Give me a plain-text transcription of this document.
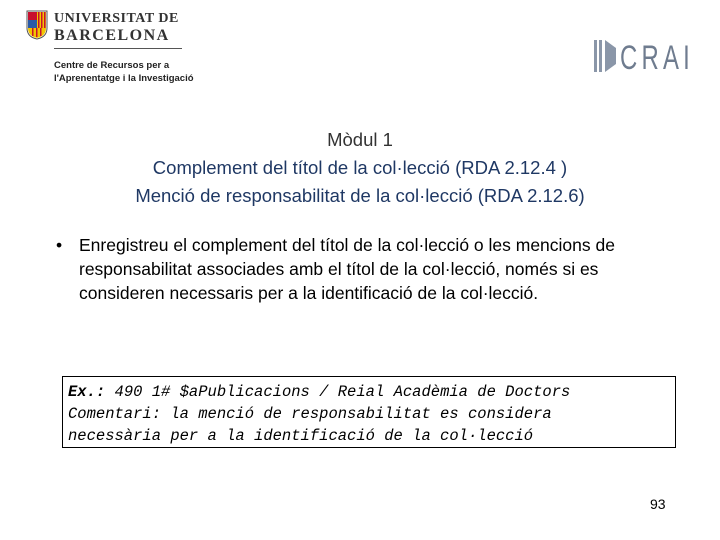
UNIVERSITAT DE
BARCELONA
Centre de Recursos per a
l'Aprenentatge i la Investigació
CRAI
Mòdul 1
Complement del títol de la col·lecció (RDA 2.12.4 )
Menció de responsabilitat de la col·lecció (RDA 2.12.6)
• Enregistreu el complement del títol de la col·lecció o les mencions de responsabilitat associades amb el títol de la col·lecció, només si es consideren necessaris per a la identificació de la col·lecció.
Ex.: 490 1# $aPublicacions / Reial Acadèmia de Doctors
Comentari: la menció de responsabilitat es considera
necessària per a la identificació de la col·lecció
93
